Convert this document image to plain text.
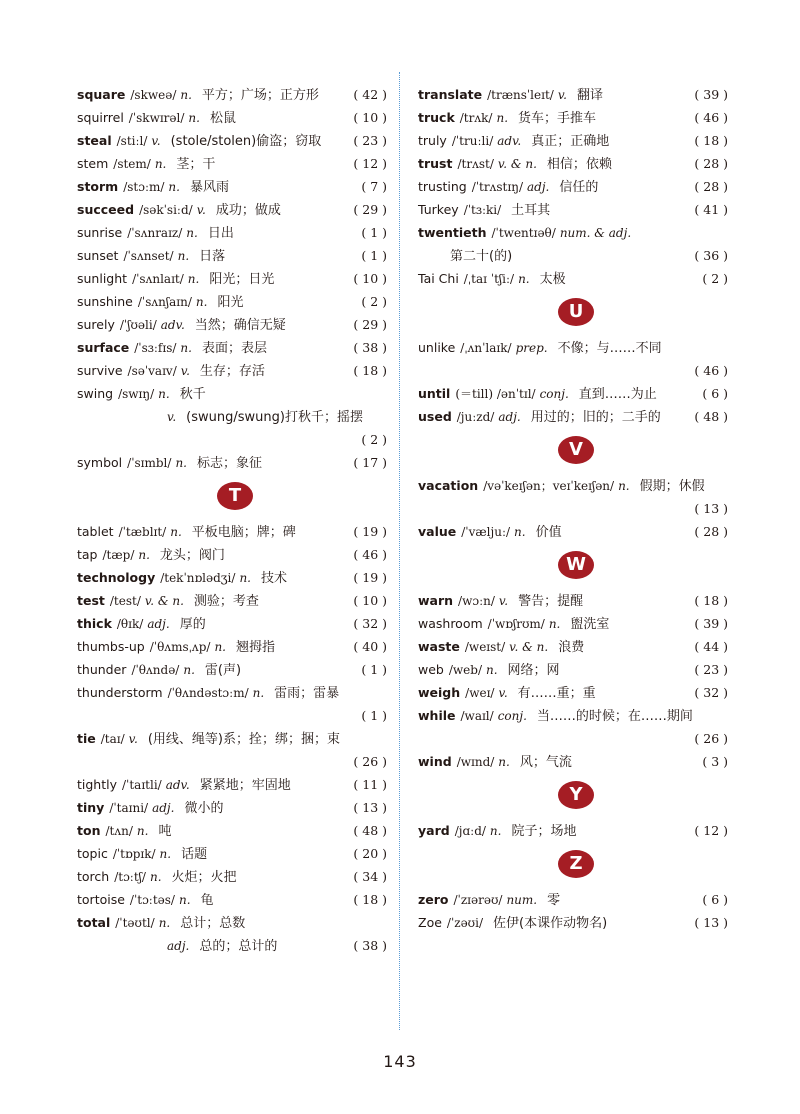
square /skweə/ n. 平方；广场；正方形	( 42 )
squirrel /ˈskwɪrəl/ n. 松鼠	( 10 )
steal /stiːl/ v. (stole/stolen)偷盗；窃取	( 23 )
stem /stem/ n. 茎；干	( 12 )
storm /stɔːm/ n. 暴风雨	( 7 )
succeed /səkˈsiːd/ v. 成功；做成	( 29 )
sunrise /ˈsʌnraɪz/ n. 日出	( 1 )
sunset /ˈsʌnset/ n. 日落	( 1 )
sunlight /ˈsʌnlaɪt/ n. 阳光；日光	( 10 )
sunshine /ˈsʌnʃaɪn/ n. 阳光	( 2 )
surely /ˈʃʊəli/ adv. 当然；确信无疑	( 29 )
surface /ˈsɜːfɪs/ n. 表面；表层	( 38 )
survive /səˈvaɪv/ v. 生存；存活	( 18 )
swing /swɪŋ/ n. 秋千
v. (swung/swung)打秋千；摇摆
( 2 )
symbol /ˈsɪmbl/ n. 标志；象征	( 17 )
T
tablet /ˈtæblɪt/ n. 平板电脑；牌；碑	( 19 )
tap /tæp/ n. 龙头；阀门	( 46 )
technology /tekˈnɒlədʒi/ n. 技术	( 19 )
test /test/ v. & n. 测验；考查	( 10 )
thick /θɪk/ adj. 厚的	( 32 )
thumbs-up /ˈθʌmsˌʌp/ n. 翘拇指	( 40 )
thunder /ˈθʌndə/ n. 雷(声)	( 1 )
thunderstorm /ˈθʌndəstɔːm/ n. 雷雨；雷暴
( 1 )
tie /taɪ/ v. (用线、绳等)系；拴；绑；捆；束
( 26 )
tightly /ˈtaɪtli/ adv. 紧紧地；牢固地	( 11 )
tiny /ˈtaɪni/ adj. 微小的	( 13 )
ton /tʌn/ n. 吨	( 48 )
topic /ˈtɒpɪk/ n. 话题	( 20 )
torch /tɔːtʃ/ n. 火炬；火把	( 34 )
tortoise /ˈtɔːtəs/ n. 龟	( 18 )
total /ˈtəʊtl/ n. 总计；总数
adj. 总的；总计的	( 38 )
translate /trænsˈleɪt/ v. 翻译	( 39 )
truck /trʌk/ n. 货车；手推车	( 46 )
truly /ˈtruːli/ adv. 真正；正确地	( 18 )
trust /trʌst/ v. & n. 相信；依赖	( 28 )
trusting /ˈtrʌstɪŋ/ adj. 信任的	( 28 )
Turkey /ˈtɜːki/ 土耳其	( 41 )
twentieth /ˈtwentɪəθ/ num. & adj.
第二十(的)	( 36 )
Tai Chi /ˌtaɪ ˈtʃiː/ n. 太极	( 2 )
U
unlike /ˌʌnˈlaɪk/ prep. 不像；与……不同
( 46 )
until (＝till) /ənˈtɪl/ conj. 直到……为止	( 6 )
used /juːzd/ adj. 用过的；旧的；二手的	( 48 )
V
vacation /vəˈkeɪʃən；veɪˈkeɪʃən/ n. 假期；休假
( 13 )
value /ˈvæljuː/ n. 价值	( 28 )
W
warn /wɔːn/ v. 警告；提醒	( 18 )
washroom /ˈwɒʃrʊm/ n. 盥洗室	( 39 )
waste /weɪst/ v. & n. 浪费	( 44 )
web /web/ n. 网络；网	( 23 )
weigh /weɪ/ v. 有……重；重	( 32 )
while /waɪl/ conj. 当……的时候；在……期间
( 26 )
wind /wɪnd/ n. 风；气流	( 3 )
Y
yard /jɑːd/ n. 院子；场地	( 12 )
Z
zero /ˈzɪərəʊ/ num. 零	( 6 )
Zoe /ˈzəʊi/ 佐伊(本课作动物名)	( 13 )
143
